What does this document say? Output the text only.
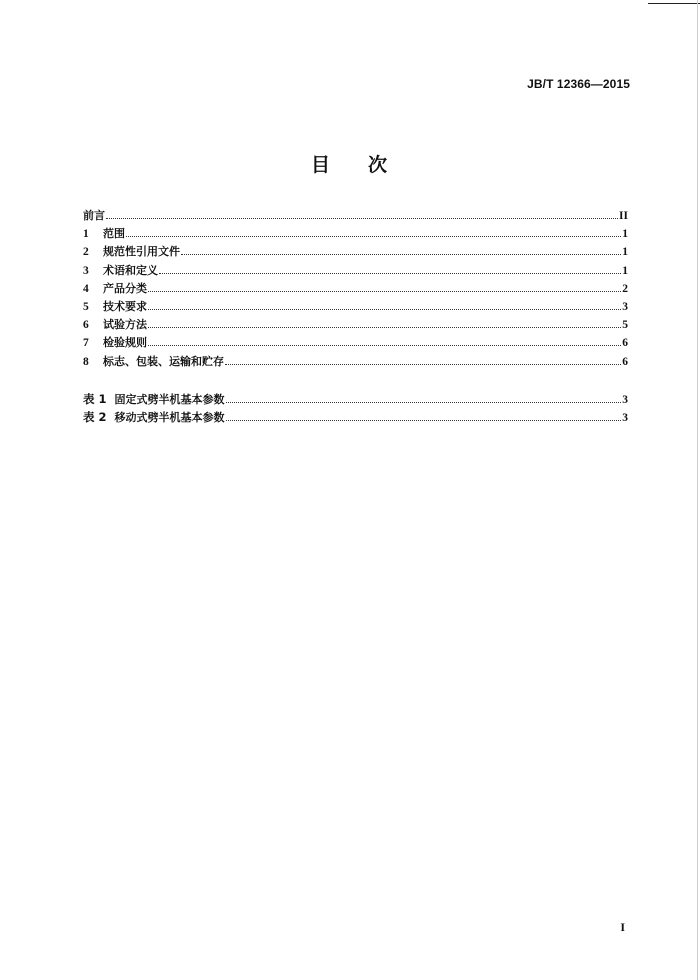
JB/T 12366—2015
目 次
前言	II
1	范围	1
2	规范性引用文件	1
3	术语和定义	1
4	产品分类	2
5	技术要求	3
6	试验方法	5
7	检验规则	6
8	标志、包装、运输和贮存	6
表 1 固定式劈半机基本参数	3
表 2 移动式劈半机基本参数	3
I
